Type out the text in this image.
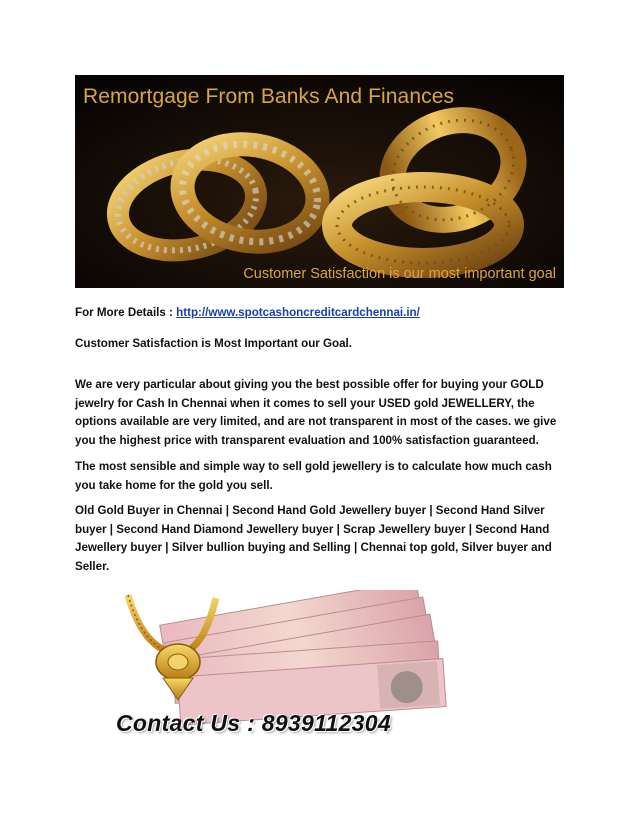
Remortgage From Banks And Finances
Customer Satisfaction is our most important goal
For More Details : http://www.spotcashoncreditcardchennai.in/
Customer Satisfaction is Most Important our Goal.
We are very particular about giving you the best possible offer for buying your GOLD jewelry for Cash In Chennai when it comes to sell your USED gold JEWELLERY, the options available are very limited, and are not transparent in most of the cases. we give you the highest price with transparent evaluation and 100% satisfaction guaranteed.
The most sensible and simple way to sell gold jewellery is to calculate how much cash you take home for the gold you sell.
Old Gold Buyer in Chennai | Second Hand Gold Jewellery buyer | Second Hand Silver buyer | Second Hand Diamond Jewellery buyer | Scrap Jewellery buyer | Second Hand Jewellery buyer | Silver bullion buying and Selling | Chennai top gold, Silver buyer and Seller.
Contact Us : 8939112304
